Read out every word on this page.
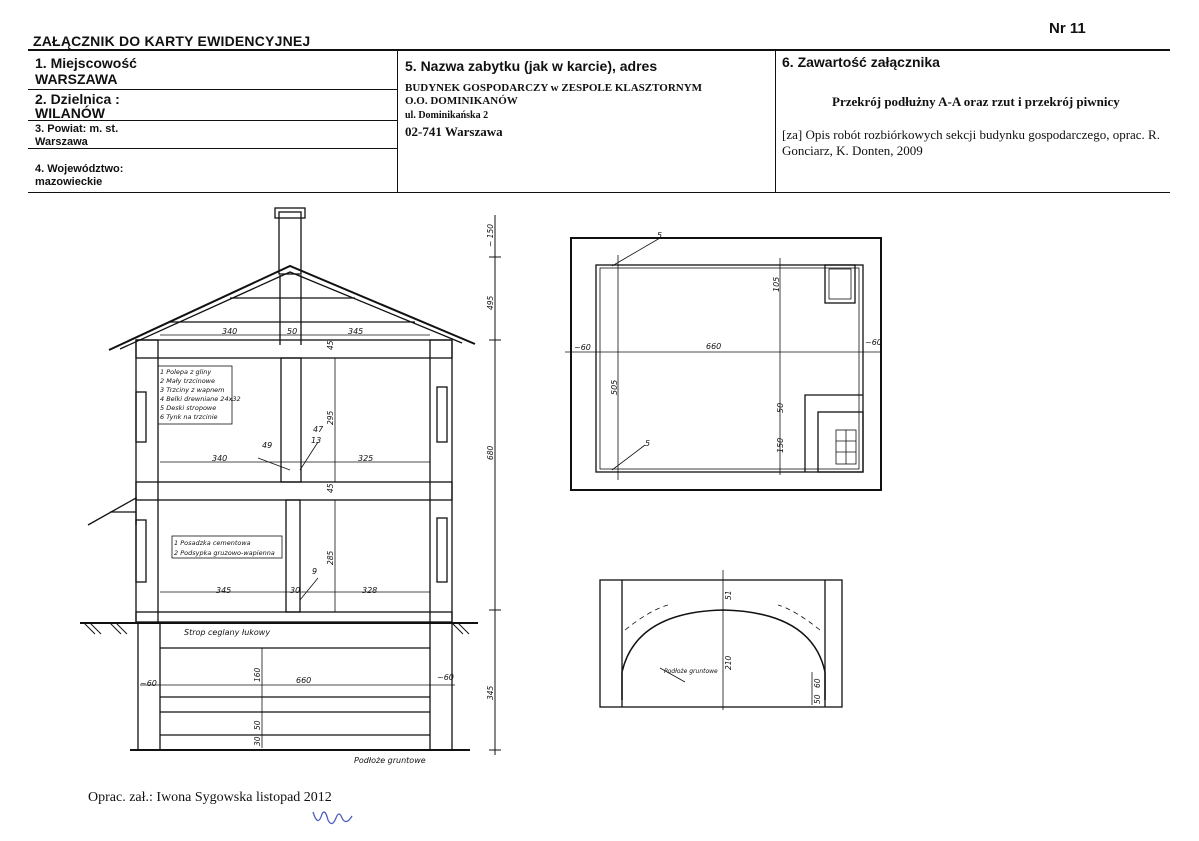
Nr 11
ZAŁĄCZNIK DO KARTY EWIDENCYJNEJ
1. Miejscowość
WARSZAWA
2. Dzielnica :
WILANÓW
3. Powiat: m. st.
Warszawa
4. Województwo:
mazowieckie
5. Nazwa zabytku (jak w karcie), adres
BUDYNEK GOSPODARCZY w ZESPOLE KLASZTORNYM
O.O. DOMINIKANÓW
ul. Dominikańska 2
02-741 Warszawa
6. Zawartość załącznika
Przekrój podłużny A-A oraz rzut i przekrój piwnicy
[za] Opis robót rozbiórkowych sekcji budynku gospodarczego, oprac. R. Gonciarz, K. Donten, 2009
340	50	345
340	325
345	30	328
660
~60
~60
49
47
13
9
Strop ceglany łukowy
Podłoże gruntowe
~ 150
495
680
345
45
295
45
285
160
50
30
1 Polepa z gliny
2 Mały trzcinowe
3 Trzciny z wapnem
4 Belki drewniane 24x32
5 Deski stropowe
6 Tynk na trzcinie
1 Posadzka cementowa
2 Podsypka gruzowo-wapienna
660
~60
~60
5
5
505
105
50
150
51
210
60
50
Podłoże gruntowe
Oprac. zał.: Iwona Sygowska listopad 2012
